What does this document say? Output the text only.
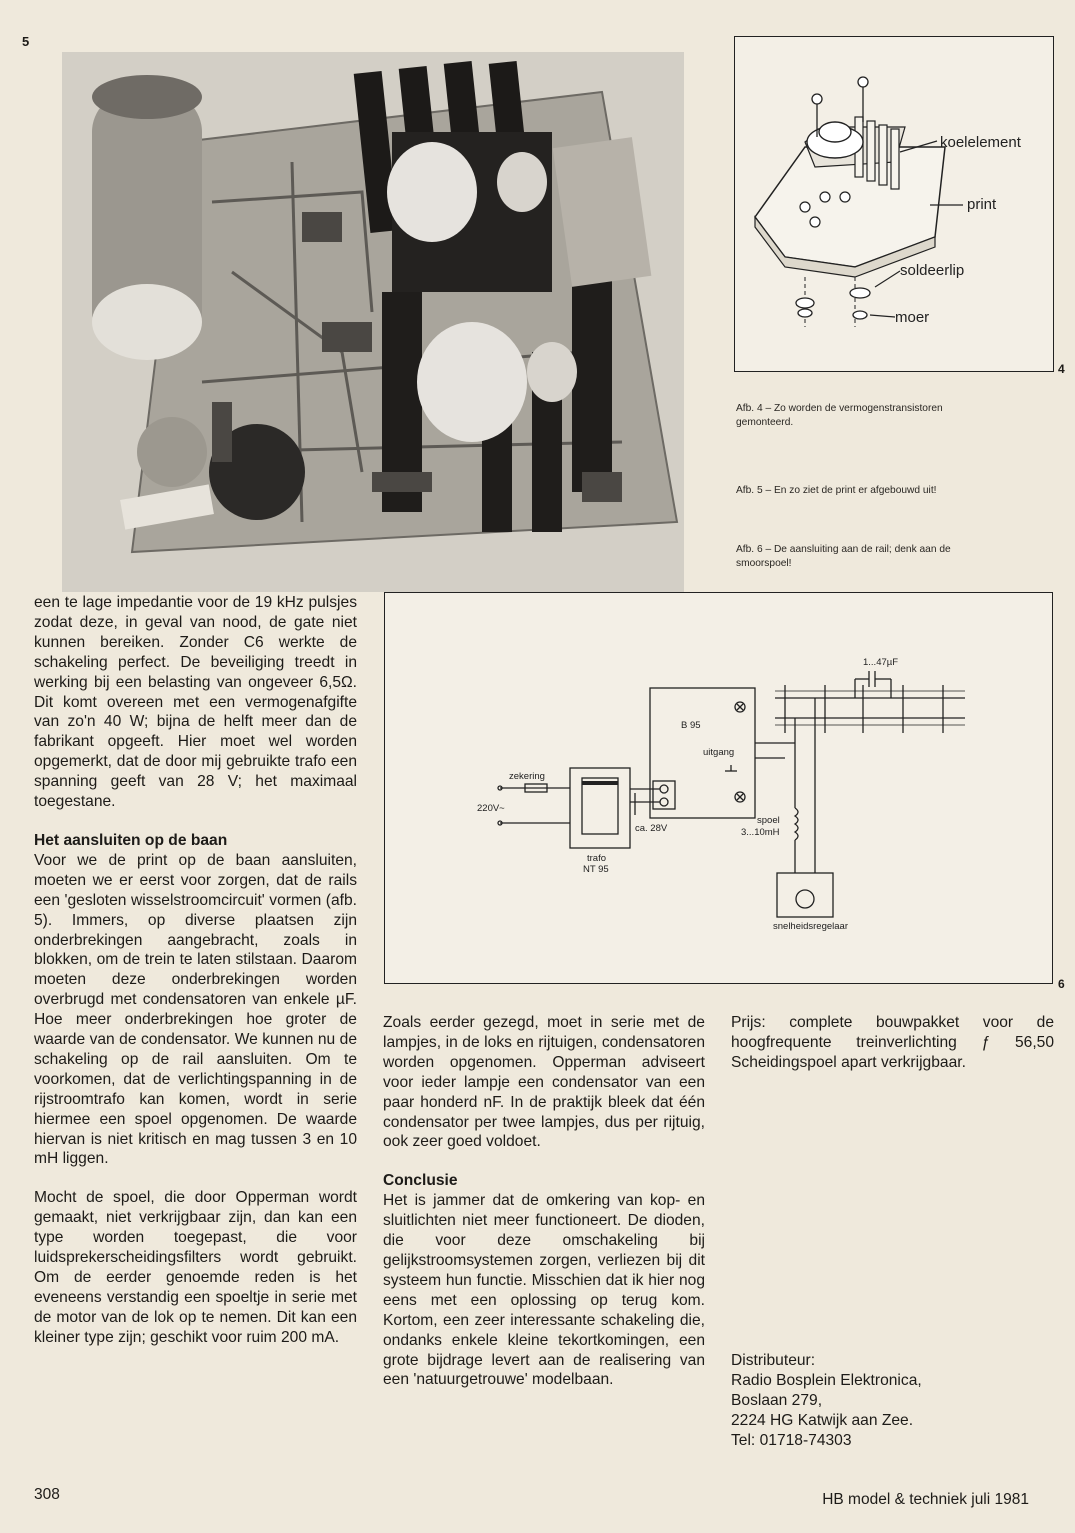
5
koelelement
print
soldeerlip
moer
4
Afb. 4 – Zo worden de vermogenstransistoren gemonteerd.
Afb. 5 – En zo ziet de print er afgebouwd uit!
Afb. 6 – De aansluiting aan de rail; denk aan de smoorspoel!
1...47µF
B 95
uitgang
zekering
220V~
ca. 28V
spoel
3...10mH
trafo
NT 95
snelheidsregelaar
6

een te lage impedantie voor de 19 kHz pulsjes zodat deze, in geval van nood, de gate niet kunnen bereiken. Zonder C6 werkte de schakeling perfect. De beveiliging treedt in werking bij een belasting van ongeveer 6,5Ω. Dit komt overeen met een vermogenafgifte van zo'n 40 W; bijna de helft meer dan de fabrikant opgeeft. Hier moet wel worden opgemerkt, dat de door mij gebruikte trafo een spanning geeft van 28 V; het maximaal toegestane.

Het aansluiten op de baan

Voor we de print op de baan aansluiten, moeten we er eerst voor zorgen, dat de rails een 'gesloten wisselstroomcircuit' vormen (afb. 5). Immers, op diverse plaatsen zijn onderbrekingen aangebracht, zoals in blokken, om de trein te laten stilstaan. Daarom moeten deze onderbrekingen worden overbrugd met condensatoren van enkele µF. Hoe meer onderbrekingen hoe groter de waarde van de condensator. We kunnen nu de schakeling op de rail aansluiten. Om te voorkomen, dat de verlichtingspanning in de rijstroomtrafo kan komen, wordt in serie hiermee een spoel opgenomen. De waarde hiervan is niet kritisch en mag tussen 3 en 10 mH liggen.

Mocht de spoel, die door Opperman wordt gemaakt, niet verkrijgbaar zijn, dan kan een type worden toegepast, die voor luidsprekerscheidingsfilters wordt gebruikt. Om de eerder genoemde reden is het eveneens verstandig een spoeltje in serie met de motor van de lok op te nemen. Dit kan een kleiner type zijn; geschikt voor ruim 200 mA.

Zoals eerder gezegd, moet in serie met de lampjes, in de loks en rijtuigen, condensatoren worden opgenomen. Opperman adviseert voor ieder lampje een condensator van een paar honderd nF. In de praktijk bleek dat één condensator per twee lampjes, dus per rijtuig, ook zeer goed voldoet.

Conclusie

Het is jammer dat de omkering van kop- en sluitlichten niet meer functioneert. De dioden, die voor deze omschakeling bij gelijkstroomsystemen zorgen, verliezen bij dit systeem hun functie. Misschien dat ik hier nog eens met een oplossing op terug kom. Kortom, een zeer interessante schakeling die, ondanks enkele kleine tekortkomingen, een grote bijdrage levert aan de realisering van een 'natuurgetrouwe' modelbaan.

Prijs: complete bouwpakket voor de hoogfrequente treinverlichting ƒ 56,50 Scheidingspoel apart verkrijgbaar.

Distributeur:
Radio Bosplein Elektronica,
Boslaan 279,
2224 HG Katwijk aan Zee.
Tel: 01718-74303
308	HB model & techniek juli 1981
